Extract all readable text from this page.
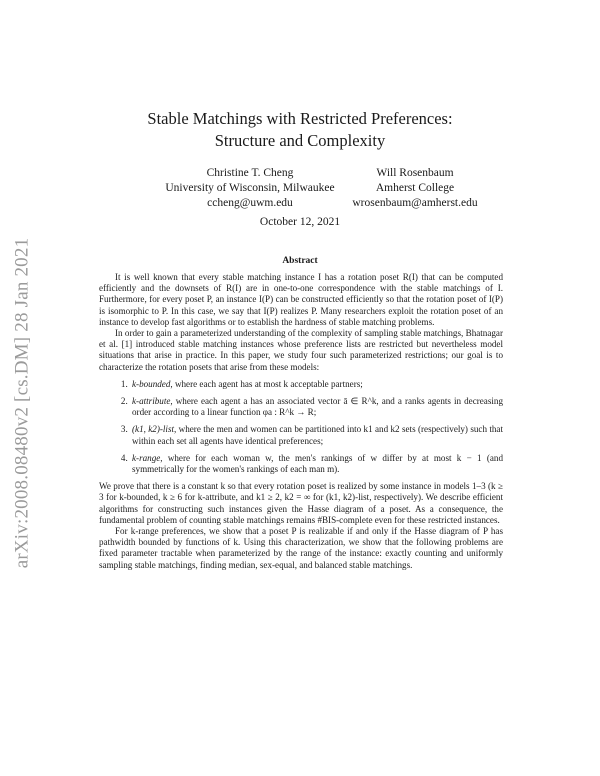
arXiv:2008.08480v2 [cs.DM] 28 Jan 2021
Stable Matchings with Restricted Preferences:
Structure and Complexity
Christine T. Cheng
University of Wisconsin, Milwaukee
ccheng@uwm.edu
Will Rosenbaum
Amherst College
wrosenbaum@amherst.edu
October 12, 2021
Abstract

It is well known that every stable matching instance I has a rotation poset R(I) that can be computed efficiently and the downsets of R(I) are in one-to-one correspondence with the stable matchings of I. Furthermore, for every poset P, an instance I(P) can be constructed efficiently so that the rotation poset of I(P) is isomorphic to P. In this case, we say that I(P) realizes P. Many researchers exploit the rotation poset of an instance to develop fast algorithms or to establish the hardness of stable matching problems.

In order to gain a parameterized understanding of the complexity of sampling stable matchings, Bhatnagar et al. [1] introduced stable matching instances whose preference lists are restricted but nevertheless model situations that arise in practice. In this paper, we study four such parameterized restrictions; our goal is to characterize the rotation posets that arise from these models:

1. k-bounded, where each agent has at most k acceptable partners;
2. k-attribute, where each agent a has an associated vector ā ∈ R^k, and a ranks agents in decreasing order according to a linear function φa : R^k → R;
3. (k1, k2)-list, where the men and women can be partitioned into k1 and k2 sets (respectively) such that within each set all agents have identical preferences;
4. k-range, where for each woman w, the men's rankings of w differ by at most k − 1 (and symmetrically for the women's rankings of each man m).

We prove that there is a constant k so that every rotation poset is realized by some instance in models 1–3 (k ≥ 3 for k-bounded, k ≥ 6 for k-attribute, and k1 ≥ 2, k2 = ∞ for (k1, k2)-list, respectively). We describe efficient algorithms for constructing such instances given the Hasse diagram of a poset. As a consequence, the fundamental problem of counting stable matchings remains #BIS-complete even for these restricted instances.

For k-range preferences, we show that a poset P is realizable if and only if the Hasse diagram of P has pathwidth bounded by functions of k. Using this characterization, we show that the following problems are fixed parameter tractable when parameterized by the range of the instance: exactly counting and uniformly sampling stable matchings, finding median, sex-equal, and balanced stable matchings.
